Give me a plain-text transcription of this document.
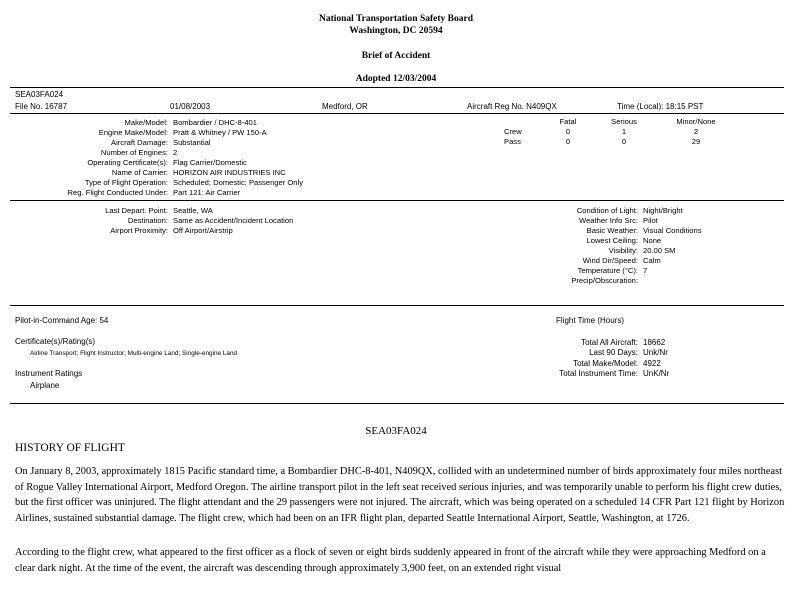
National Transportation Safety Board
Washington, DC 20594
Brief of Accident
Adopted 12/03/2004
SEA03FA024
File No. 16787	01/08/2003	Medford, OR	Aircraft Reg No. N409QX	Time (Local): 18:15 PST
Make/Model: Bombardier / DHC-8-401
Engine Make/Model: Pratt & Whitney / PW 150-A
Aircraft Damage: Substantial
Number of Engines: 2
Operating Certificate(s): Flag Carrier/Domestic
Name of Carrier: HORIZON AIR INDUSTRIES INC
Type of Flight Operation: Scheduled; Domestic; Passenger Only
Reg. Flight Conducted Under: Part 121: Air Carrier
Fatal	Serious	Minor/None
Crew	0	1	2
Pass	0	0	29
Last Depart. Point: Seattle, WA
Destination: Same as Accident/Incident Location
Airport Proximity: Off Airport/Airstrip
Condition of Light: Night/Bright
Weather Info Src: Pilot
Basic Weather: Visual Conditions
Lowest Ceiling: None
Visibility: 20.00 SM
Wind Dir/Speed: Calm
Temperature (°C): 7
Precip/Obscuration:
Pilot-in-Command Age: 54	Flight Time (Hours)
Certificate(s)/Rating(s)
Airline Transport; Flight Instructor; Multi-engine Land; Single-engine Land
Total All Aircraft: 18662
Last 90 Days: Unk/Nr
Total Make/Model: 4922
Total Instrument Time: UnK/Nr
Instrument Ratings
Airplane
SEA03FA024
HISTORY OF FLIGHT

On January 8, 2003, approximately 1815 Pacific standard time, a Bombardier DHC-8-401, N409QX, collided with an undetermined number of birds approximately four miles northeast of Rogue Valley International Airport, Medford Oregon. The airline transport pilot in the left seat received serious injuries, and was temporarily unable to perform his flight crew duties, but the first officer was uninjured. The flight attendant and the 29 passengers were not injured. The aircraft, which was being operated on a scheduled 14 CFR Part 121 flight by Horizon Airlines, sustained substantial damage. The flight crew, which had been on an IFR flight plan, departed Seattle International Airport, Seattle, Washington, at 1726.

According to the flight crew, what appeared to the first officer as a flock of seven or eight birds suddenly appeared in front of the aircraft while they were approaching Medford on a clear dark night. At the time of the event, the aircraft was descending through approximately 3,900 feet, on an extended right visual
